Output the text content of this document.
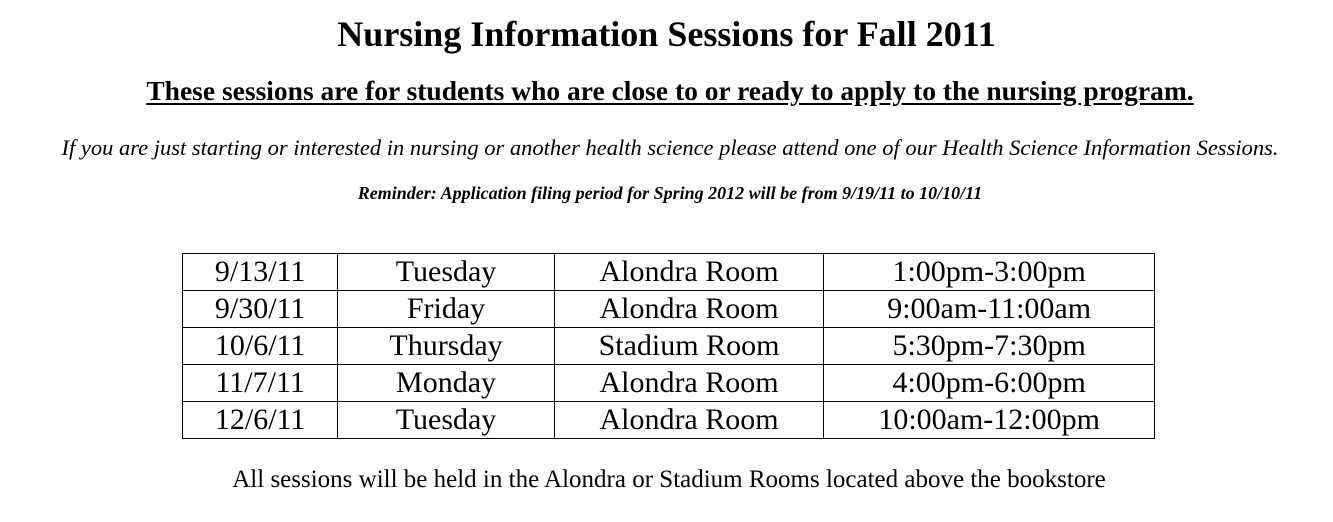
Nursing Information Sessions for Fall 2011
These sessions are for students who are close to or ready to apply to the nursing program.
If you are just starting or interested in nursing or another health science please attend one of our Health Science Information Sessions.
Reminder: Application filing period for Spring 2012 will be from 9/19/11 to 10/10/11
9/13/11	Tuesday	Alondra Room	1:00pm-3:00pm
9/30/11	Friday	Alondra Room	9:00am-11:00am
10/6/11	Thursday	Stadium Room	5:30pm-7:30pm
11/7/11	Monday	Alondra Room	4:00pm-6:00pm
12/6/11	Tuesday	Alondra Room	10:00am-12:00pm
All sessions will be held in the Alondra or Stadium Rooms located above the bookstore
